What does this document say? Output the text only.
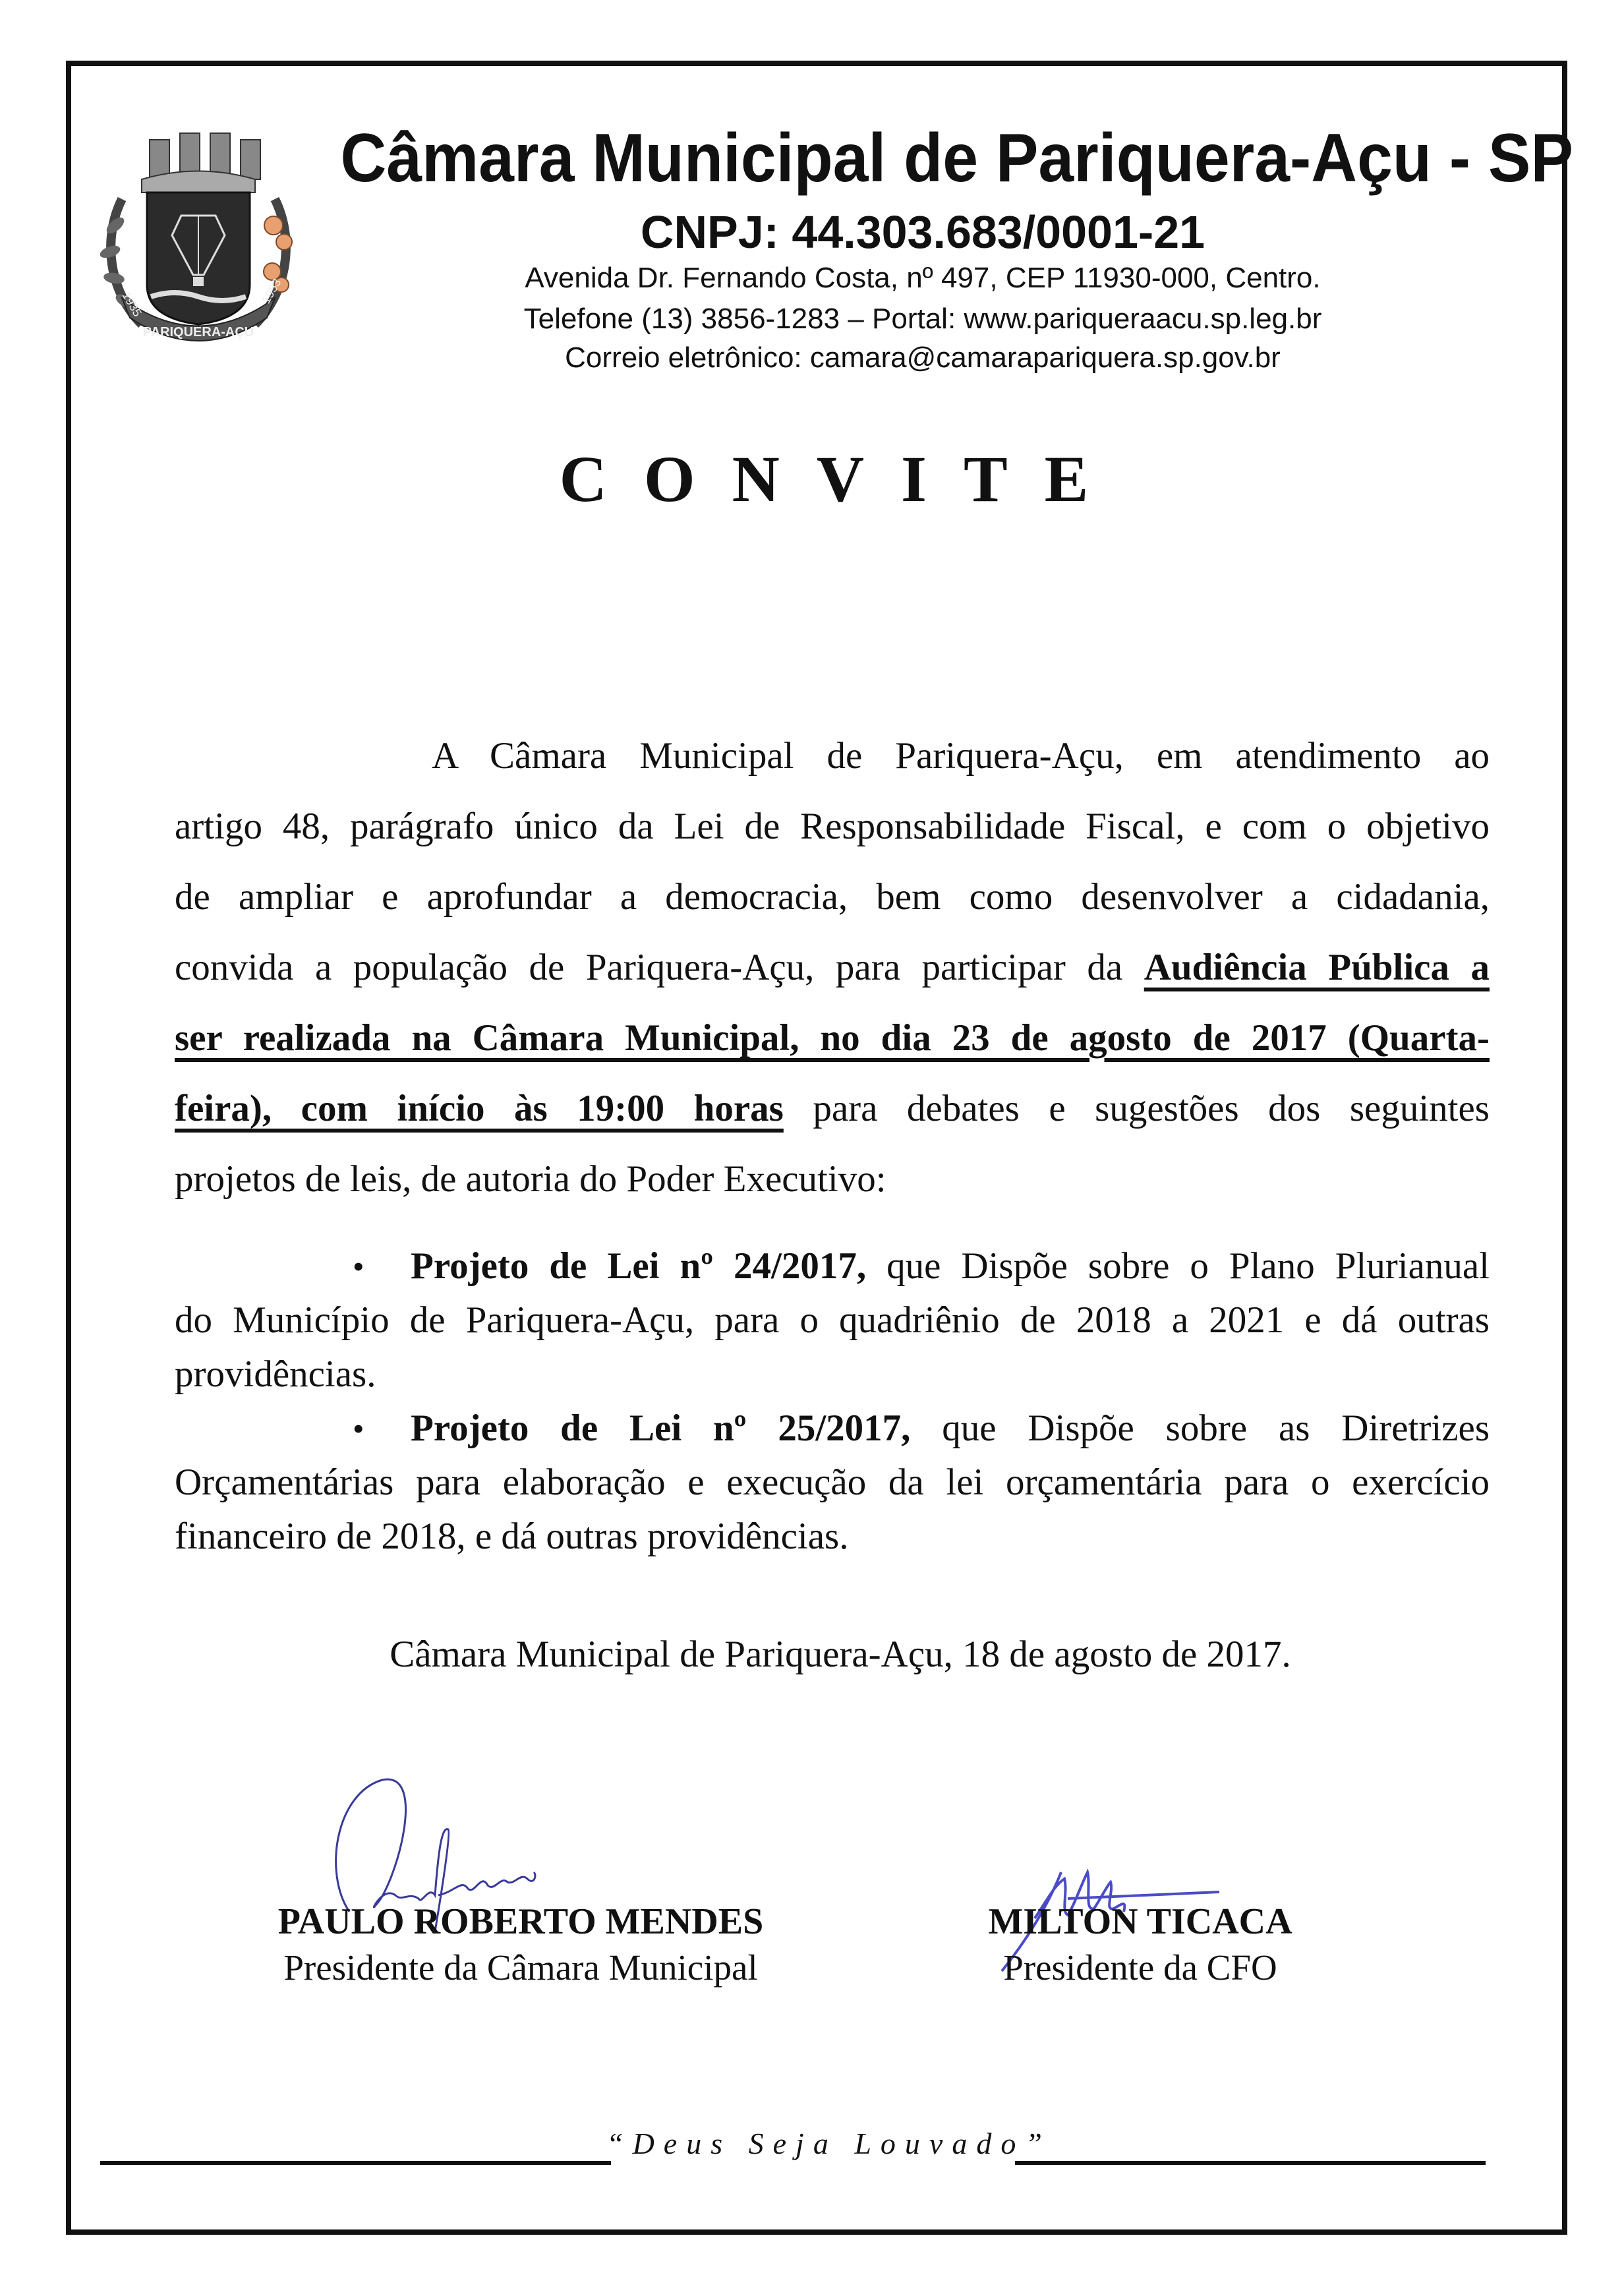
PARIQUERA-AÇU
1935	1953
Câmara Municipal de Pariquera-Açu - SP
CNPJ: 44.303.683/0001-21
Avenida Dr. Fernando Costa, nº 497, CEP 11930-000, Centro.
Telefone (13) 3856-1283 – Portal: www.pariqueraacu.sp.leg.br
Correio eletrônico: camara@camarapariquera.sp.gov.br
CONVITE
A Câmara Municipal de Pariquera-Açu, em atendimento ao
artigo 48, parágrafo único da Lei de Responsabilidade Fiscal, e com o objetivo
de ampliar e aprofundar a democracia, bem como desenvolver a cidadania,
convida a população de Pariquera-Açu, para participar da Audiência Pública a
ser realizada na Câmara Municipal, no dia 23 de agosto de 2017 (Quarta-
feira), com início às 19:00 horas para debates e sugestões dos seguintes
projetos de leis, de autoria do Poder Executivo:
• Projeto de Lei nº 24/2017, que Dispõe sobre o Plano Plurianual
do Município de Pariquera-Açu, para o quadriênio de 2018 a 2021 e dá outras
providências.
• Projeto de Lei nº 25/2017, que Dispõe sobre as Diretrizes
Orçamentárias para elaboração e execução da lei orçamentária para o exercício
financeiro de 2018, e dá outras providências.
Câmara Municipal de Pariquera-Açu, 18 de agosto de 2017.
PAULO ROBERTO MENDES
Presidente da Câmara Municipal
MILTON TICACA
Presidente da CFO
“Deus Seja Louvado”
